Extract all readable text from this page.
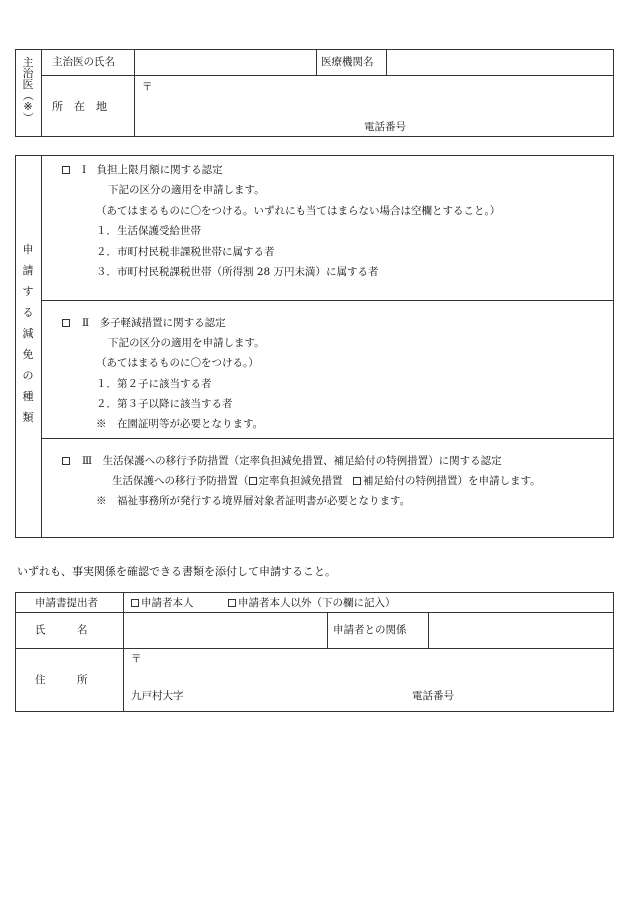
主
治
医
（
※
）
主治医の氏名	医療機関名
所　在　地
〒
電話番号
申
請
す
る
減
免
の
種
類
Ⅰ　負担上限月額に関する認定
下記の区分の適用を申請します。
（あてはまるものに〇をつける。いずれにも当てはまらない場合は空欄とすること。）
１．生活保護受給世帯
２．市町村民税非課税世帯に属する者
３．市町村民税課税世帯（所得割 28 万円未満）に属する者
Ⅱ　多子軽減措置に関する認定
下記の区分の適用を申請します。
（あてはまるものに〇をつける。）
１．第２子に該当する者
２．第３子以降に該当する者
※　在園証明等が必要となります。
Ⅲ　生活保護への移行予防措置（定率負担減免措置、補足給付の特例措置）に関する認定
生活保護への移行予防措置（ 定率負担減免措置　補足給付の特例措置）を申請します。
※　福祉事務所が発行する境界層対象者証明書が必要となります。
いずれも、事実関係を確認できる書類を添付して申請すること。
申請書提出者	申請者本人	申請者本人以外（下の欄に記入）
氏　　　名	申請者との関係
住　　　所
〒
九戸村大字	電話番号
